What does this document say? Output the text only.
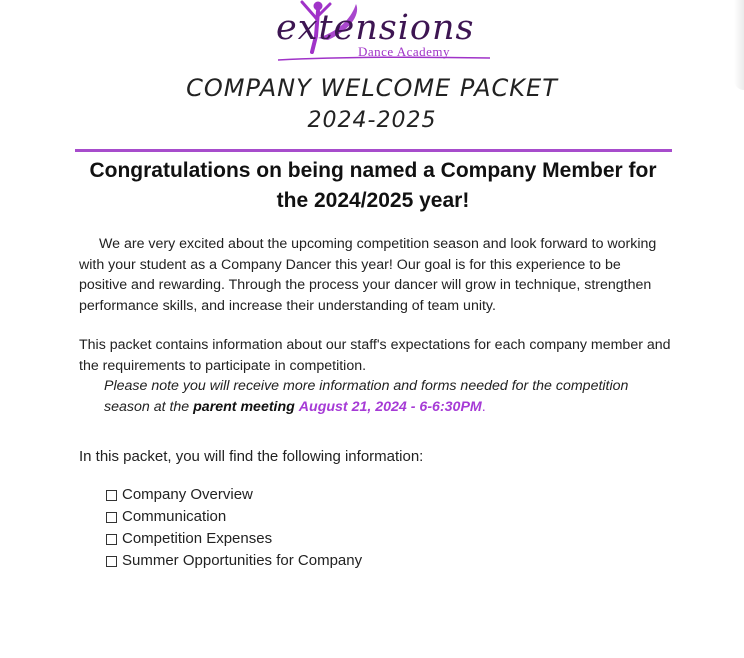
extensions
Dance Academy
COMPANY WELCOME PACKET
2024-2025
Congratulations on being named a Company Member for the 2024/2025 year!
We are very excited about the upcoming competition season and look forward to working with your student as a Company Dancer this year! Our goal is for this experience to be positive and rewarding. Through the process your dancer will grow in technique, strengthen performance skills, and increase their understanding of team unity.
This packet contains information about our staff's expectations for each company member and the requirements to participate in competition.
Please note you will receive more information and forms needed for the competition season at the parent meeting August 21, 2024 - 6-6:30PM.
In this packet, you will find the following information:
Company Overview
Communication
Competition Expenses
Summer Opportunities for Company
